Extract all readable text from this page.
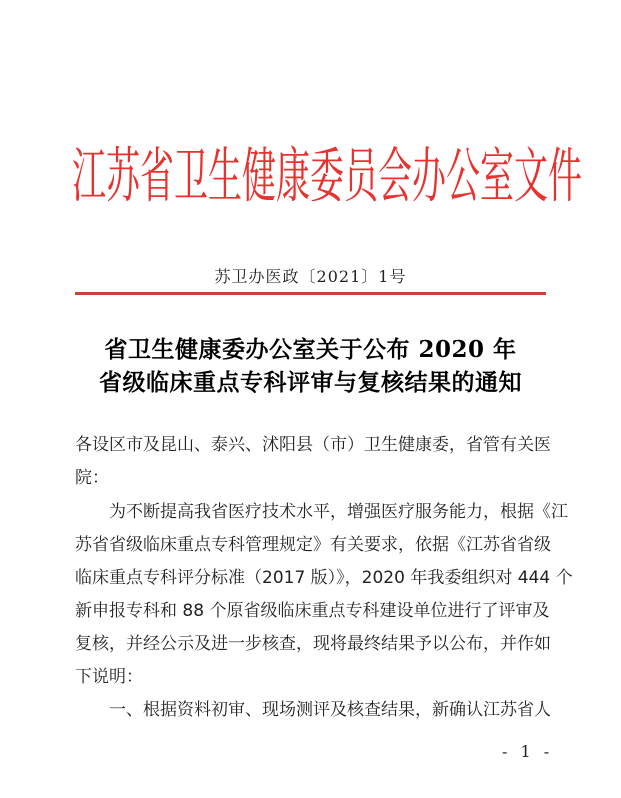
江 苏 省 卫 生 健 康 委 员 会 办 公 室 文 件
苏卫办医政〔2021〕1号
省卫生健康委办公室关于公布 2020 年
省级临床重点专科评审与复核结果的通知
各设区市及昆山、泰兴、沭阳县（市）卫生健康委，省管有关医
院：
为不断提高我省医疗技术水平，增强医疗服务能力，根据《江
苏省省级临床重点专科管理规定》有关要求，依据《江苏省省级
临床重点专科评分标准（2017 版）》，2020 年我委组织对 444 个
新申报专科和 88 个原省级临床重点专科建设单位进行了评审及
复核，并经公示及进一步核查，现将最终结果予以公布，并作如
下说明：
一、根据资料初审、现场测评及核查结果，新确认江苏省人
- 1 -
